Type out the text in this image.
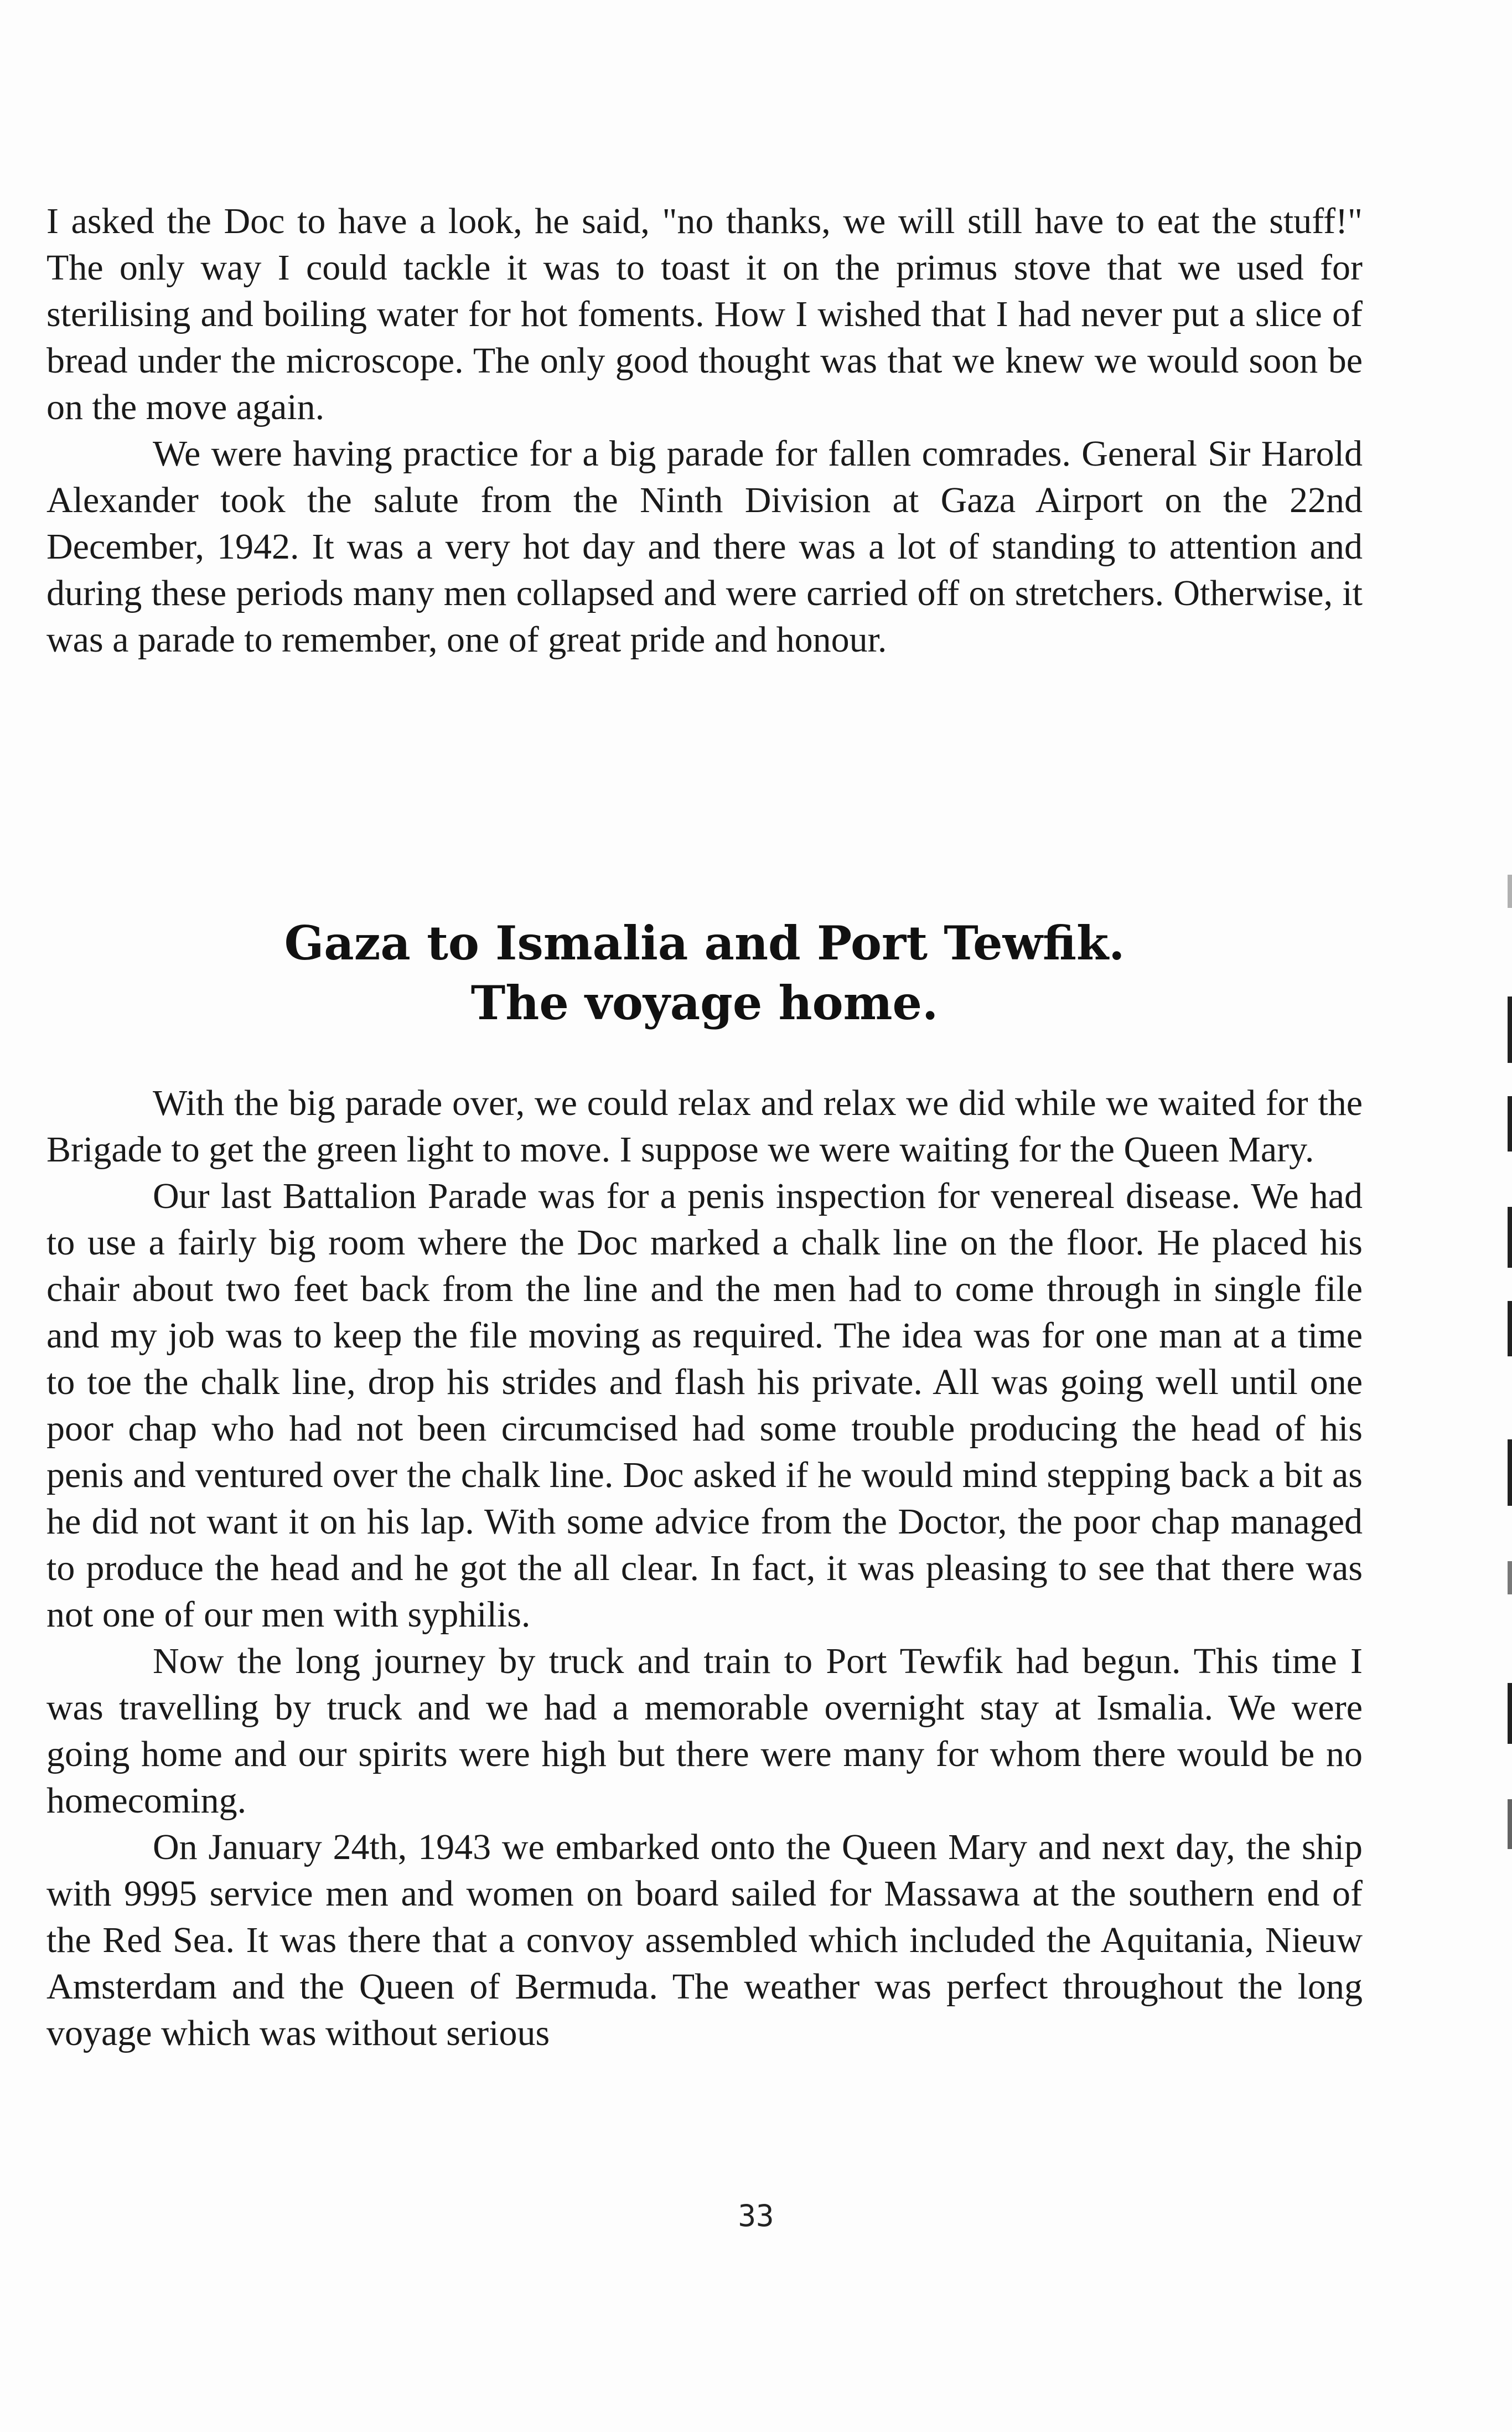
I asked the Doc to have a look, he said, "no thanks, we will still have to eat the stuff!" The only way I could tackle it was to toast it on the primus stove that we used for sterilising and boiling water for hot foments. How I wished that I had never put a slice of bread under the microscope. The only good thought was that we knew we would soon be on the move again.

We were having practice for a big parade for fallen comrades. General Sir Harold Alexander took the salute from the Ninth Division at Gaza Airport on the 22nd December, 1942. It was a very hot day and there was a lot of standing to attention and during these periods many men collapsed and were carried off on stretchers. Otherwise, it was a parade to remember, one of great pride and honour.

Gaza to Ismalia and Port Tewfik.
The voyage home.

With the big parade over, we could relax and relax we did while we waited for the Brigade to get the green light to move. I suppose we were waiting for the Queen Mary.

Our last Battalion Parade was for a penis inspection for venereal disease. We had to use a fairly big room where the Doc marked a chalk line on the floor. He placed his chair about two feet back from the line and the men had to come through in single file and my job was to keep the file moving as required. The idea was for one man at a time to toe the chalk line, drop his strides and flash his private. All was going well until one poor chap who had not been circumcised had some trouble producing the head of his penis and ventured over the chalk line. Doc asked if he would mind stepping back a bit as he did not want it on his lap. With some advice from the Doctor, the poor chap managed to produce the head and he got the all clear. In fact, it was pleasing to see that there was not one of our men with syphilis.

Now the long journey by truck and train to Port Tewfik had begun. This time I was travelling by truck and we had a memorable overnight stay at Ismalia. We were going home and our spirits were high but there were many for whom there would be no homecoming.

On January 24th, 1943 we embarked onto the Queen Mary and next day, the ship with 9995 service men and women on board sailed for Massawa at the southern end of the Red Sea. It was there that a convoy assembled which included the Aquitania, Nieuw Amsterdam and the Queen of Bermuda. The weather was perfect throughout the long voyage which was without serious

33
